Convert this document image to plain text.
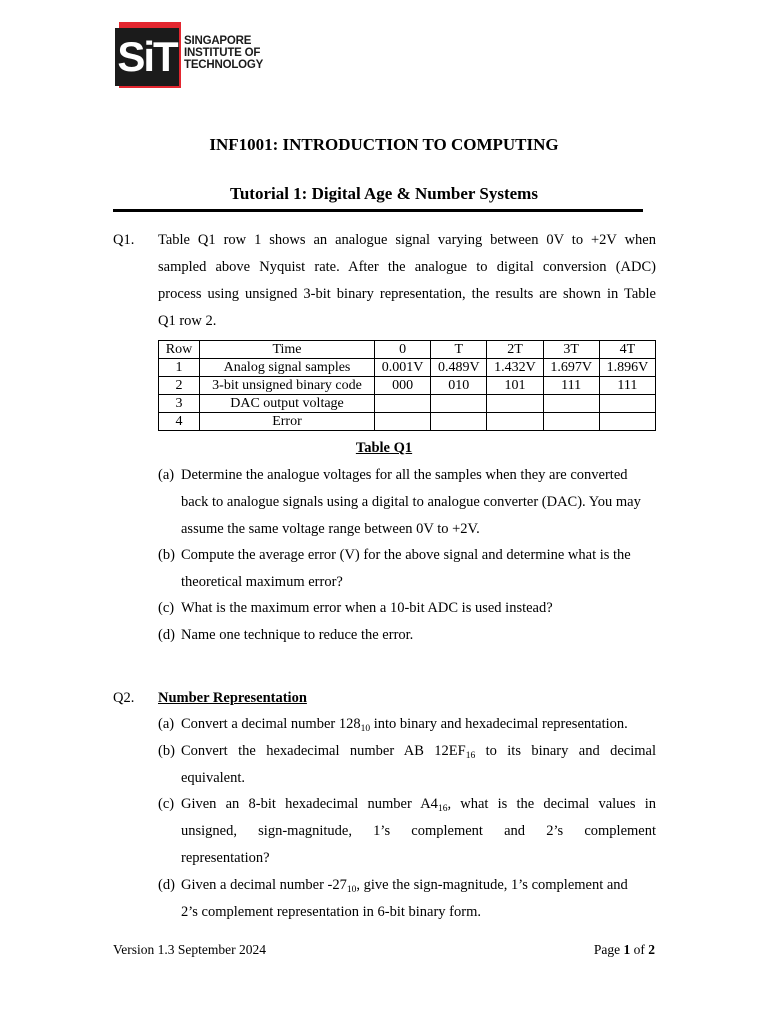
SiT SINGAPORE
INSTITUTE OF
TECHNOLOGY
INF1001: INTRODUCTION TO COMPUTING
Tutorial 1: Digital Age & Number Systems
Q1. Table Q1 row 1 shows an analogue signal varying between 0V to +2V when
sampled above Nyquist rate. After the analogue to digital conversion (ADC)
process using unsigned 3-bit binary representation, the results are shown in Table
Q1 row 2.
Row	Time	0	T	2T	3T	4T
1	Analog signal samples	0.001V	0.489V	1.432V	1.697V	1.896V
2	3-bit unsigned binary code	000	010	101	111	111
3	DAC output voltage					
4	Error					
Table Q1
(a) Determine the analogue voltages for all the samples when they are converted
back to analogue signals using a digital to analogue converter (DAC). You may
assume the same voltage range between 0V to +2V.
(b) Compute the average error (V) for the above signal and determine what is the
theoretical maximum error?
(c) What is the maximum error when a 10-bit ADC is used instead?
(d) Name one technique to reduce the error.
Q2. Number Representation
(a) Convert a decimal number $128_{10}$ into binary and hexadecimal representation.
(b) Convert the hexadecimal number AB $12EF_{16}$ to its binary and decimal
equivalent.
(c) Given an 8-bit hexadecimal number $A4_{16}$, what is the decimal values in
unsigned, sign-magnitude, 1’s complement and 2’s complement
representation?
(d) Given a decimal number $-27_{10}$, give the sign-magnitude, 1’s complement and
2’s complement representation in 6-bit binary form.
Version 1.3 September 2024	Page 1 of 2
